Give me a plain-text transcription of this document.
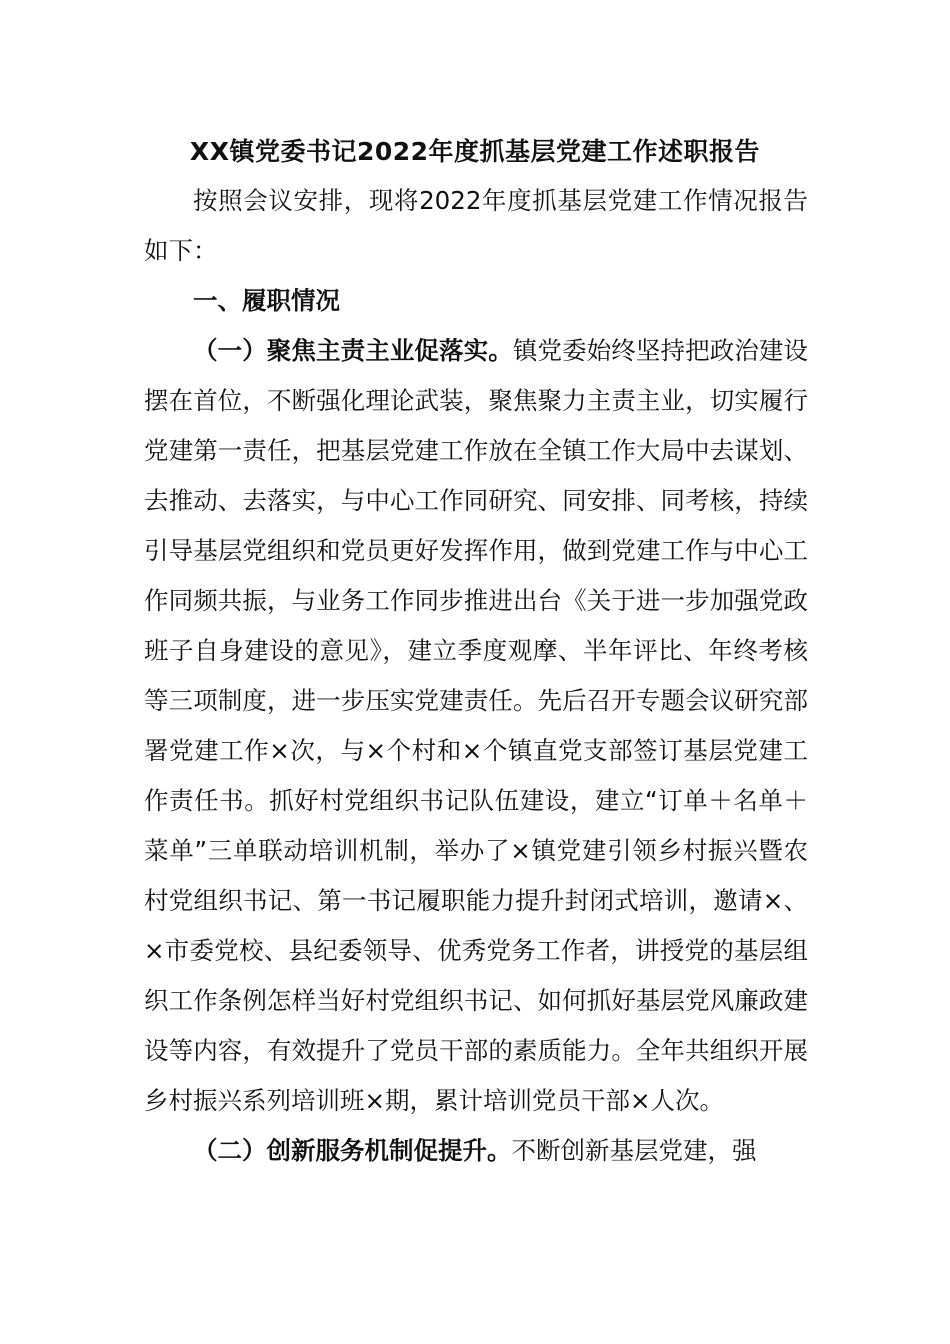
XX镇党委书记2022年度抓基层党建工作述职报告

按照会议安排，现将2022年度抓基层党建工作情况报告如下：

一、履职情况

（一）聚焦主责主业促落实。镇党委始终坚持把政治建设摆在首位，不断强化理论武装，聚焦聚力主责主业，切实履行党建第一责任，把基层党建工作放在全镇工作大局中去谋划、去推动、去落实，与中心工作同研究、同安排、同考核，持续引导基层党组织和党员更好发挥作用，做到党建工作与中心工作同频共振，与业务工作同步推进出台《关于进一步加强党政班子自身建设的意见》，建立季度观摩、半年评比、年终考核等三项制度，进一步压实党建责任。先后召开专题会议研究部署党建工作×次，与×个村和×个镇直党支部签订基层党建工作责任书。抓好村党组织书记队伍建设，建立“订单＋名单＋菜单”三单联动培训机制，举办了×镇党建引领乡村振兴暨农村党组织书记、第一书记履职能力提升封闭式培训，邀请×、×市委党校、县纪委领导、优秀党务工作者，讲授党的基层组织工作条例怎样当好村党组织书记、如何抓好基层党风廉政建设等内容，有效提升了党员干部的素质能力。全年共组织开展乡村振兴系列培训班×期，累计培训党员干部×人次。

（二）创新服务机制促提升。不断创新基层党建，强
